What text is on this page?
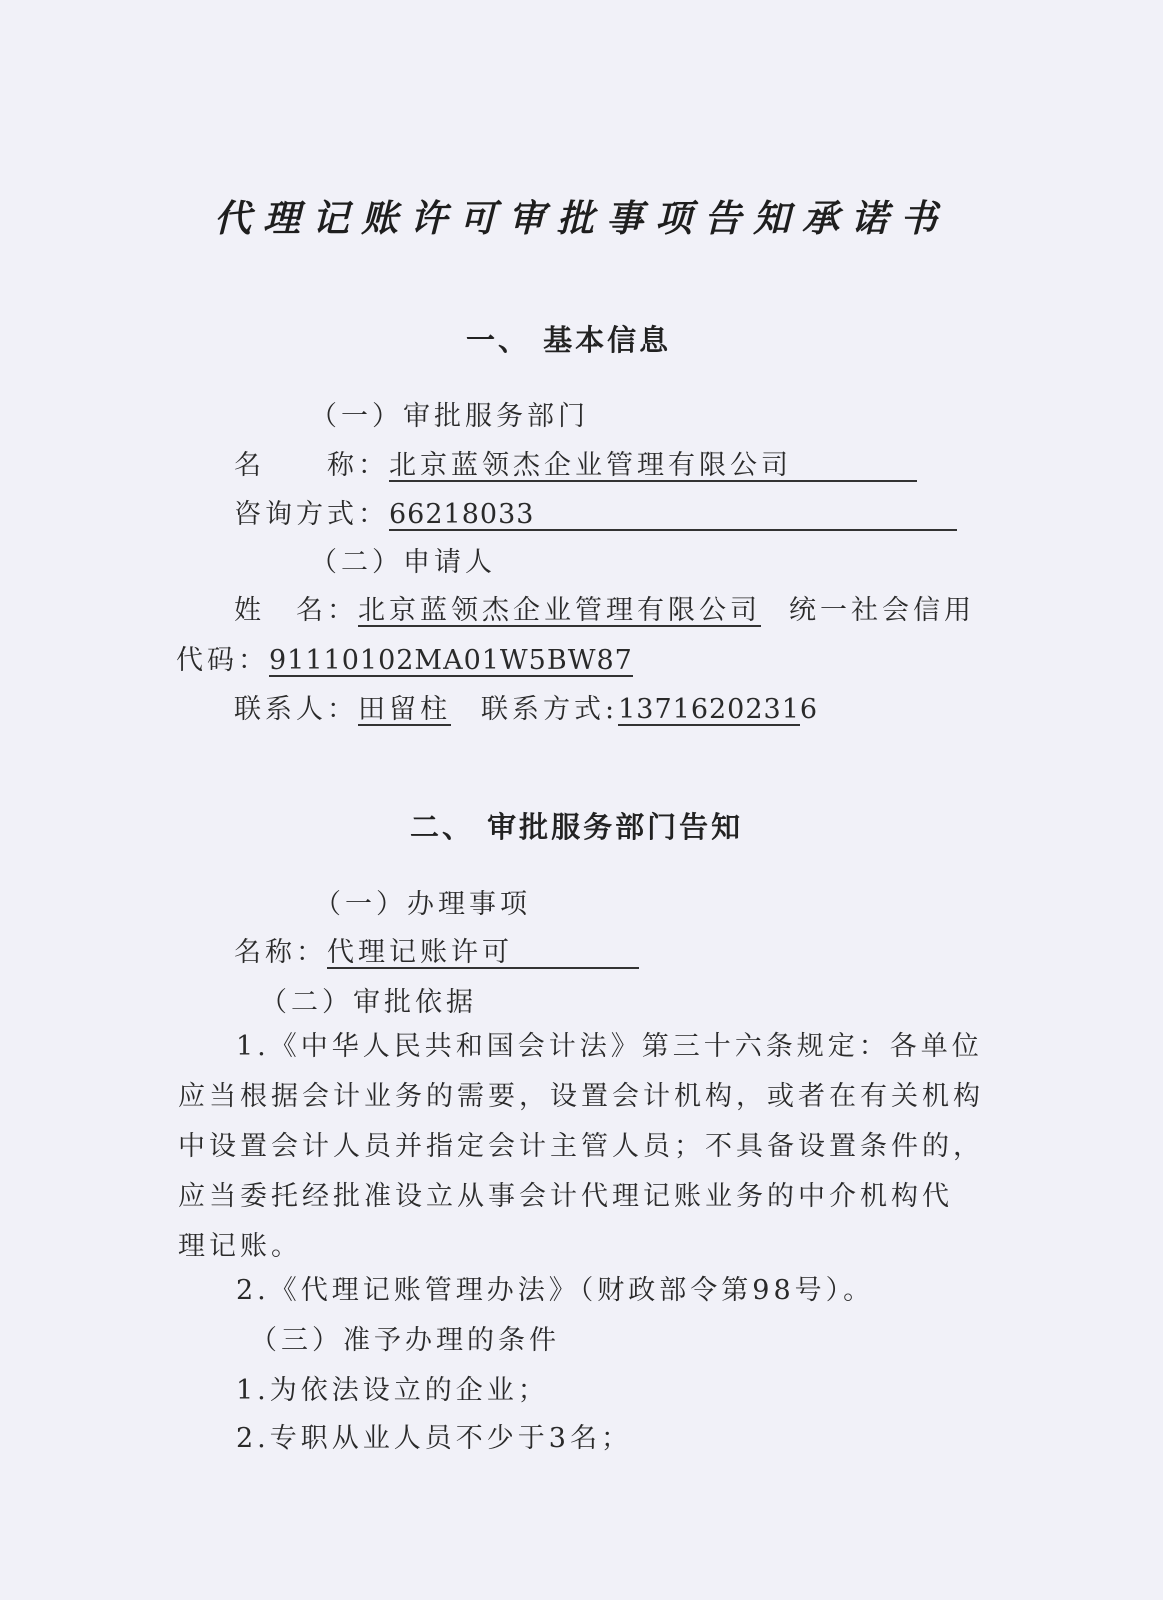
代理记账许可审批事项告知承诺书
一、 基本信息
（一）审批服务部门
名　　称：北京蓝领杰企业管理有限公司
咨询方式：66218033
（二）申请人
姓　名：北京蓝领杰企业管理有限公司 统一社会信用
代码：91110102MA01W5BW87
联系人：田留柱 联系方式:13716202316
二、 审批服务部门告知
（一）办理事项
名称：代理记账许可
（二）审批依据
1.《中华人民共和国会计法》第三十六条规定：各单位
应当根据会计业务的需要，设置会计机构，或者在有关机构
中设置会计人员并指定会计主管人员；不具备设置条件的，
应当委托经批准设立从事会计代理记账业务的中介机构代
理记账。
2.《代理记账管理办法》（财政部令第98号）。
（三）准予办理的条件
1.为依法设立的企业；
2.专职从业人员不少于3名；
